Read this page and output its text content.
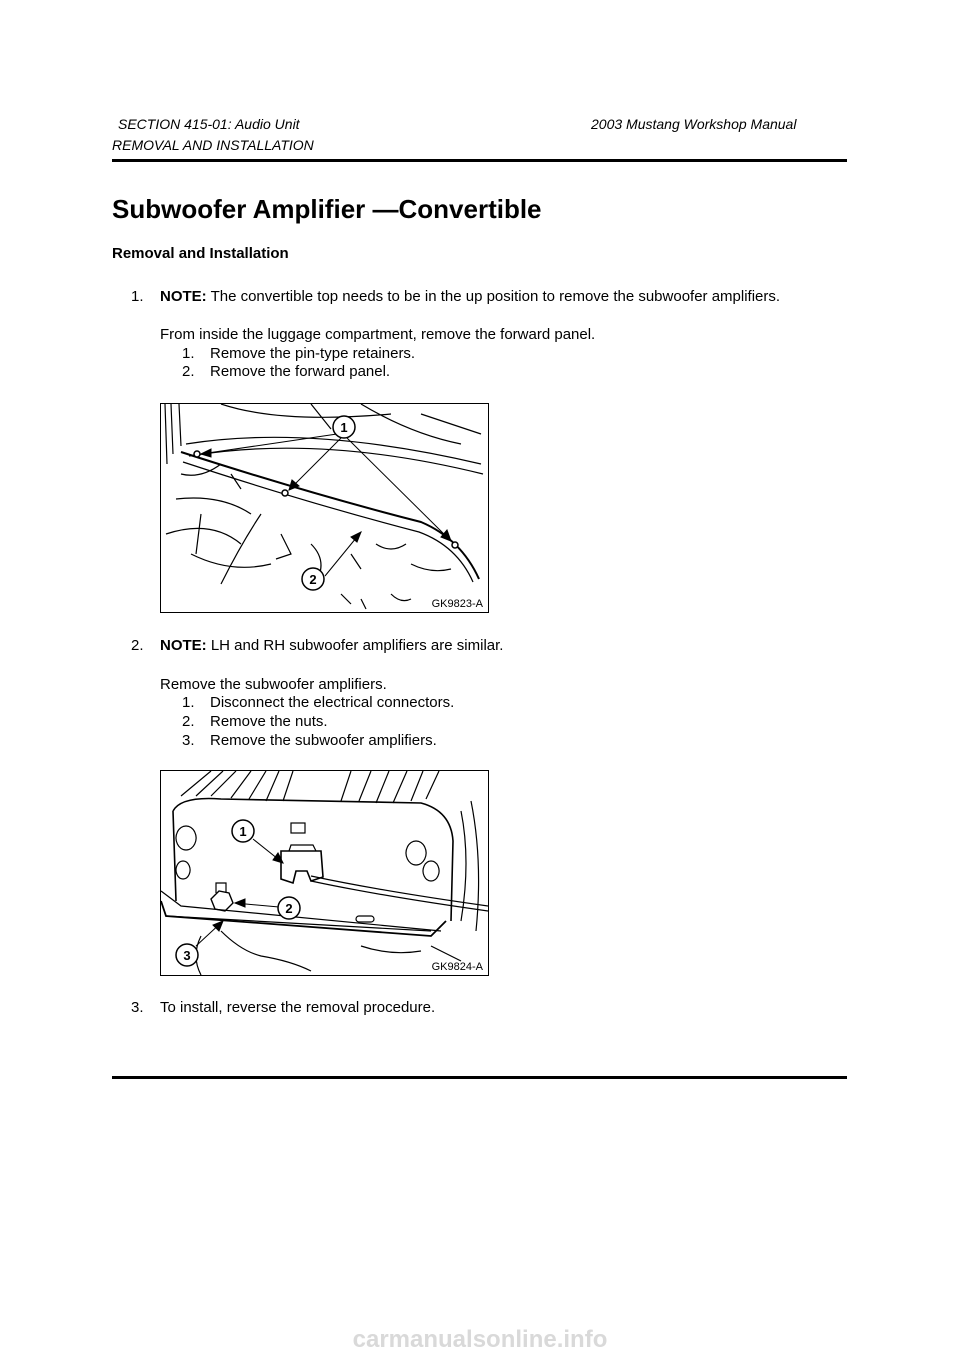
SECTION 415-01: Audio Unit	2003 Mustang Workshop Manual
REMOVAL AND INSTALLATION
Subwoofer Amplifier —Convertible
Removal and Installation
1. NOTE: The convertible top needs to be in the up position to remove the subwoofer amplifiers.
From inside the luggage compartment, remove the forward panel.
1. Remove the pin-type retainers.
2. Remove the forward panel.
1
2
GK9823-A
2. NOTE: LH and RH subwoofer amplifiers are similar.
Remove the subwoofer amplifiers.
1. Disconnect the electrical connectors.
2. Remove the nuts.
3. Remove the subwoofer amplifiers.
1
2
3
GK9824-A
3. To install, reverse the removal procedure.
carmanualsonline.info
